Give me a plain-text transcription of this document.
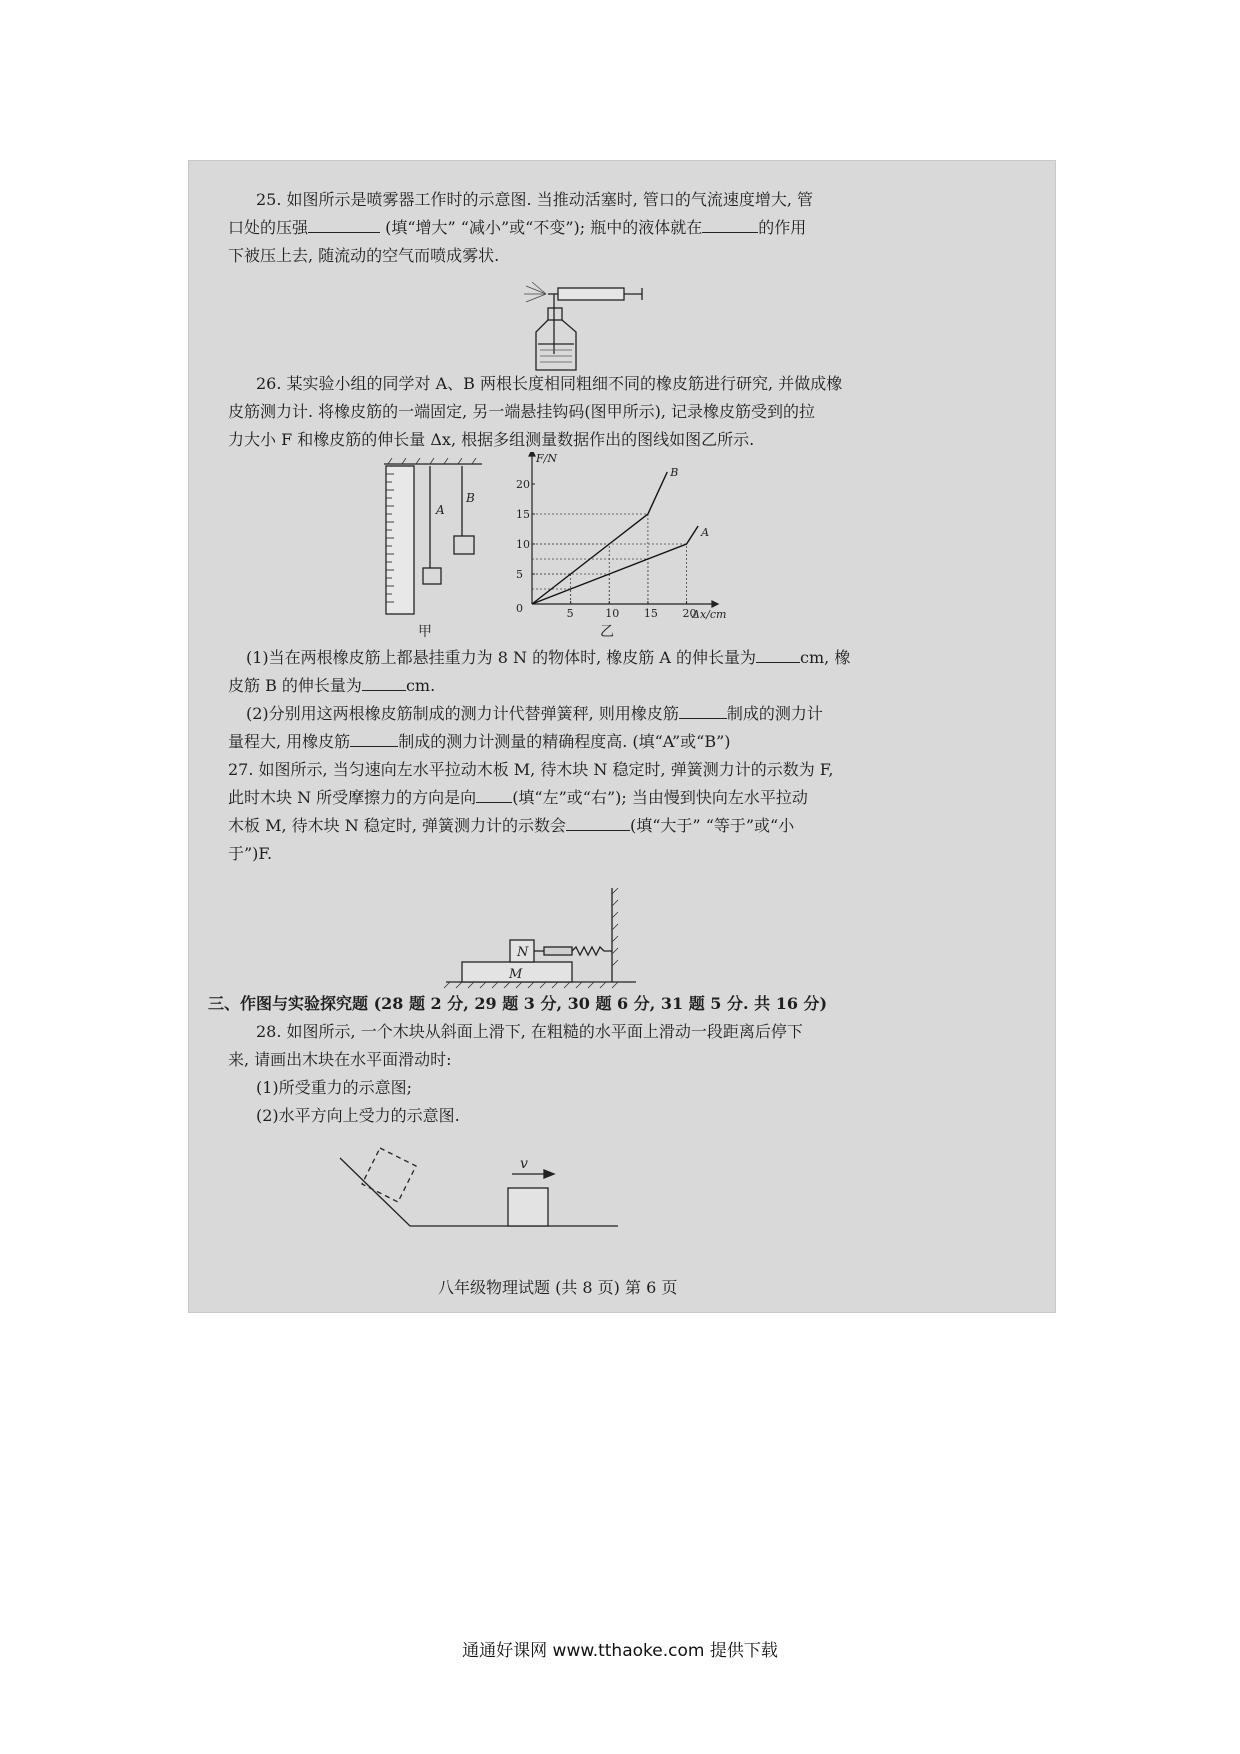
25. 如图所示是喷雾器工作时的示意图. 当推动活塞时, 管口的气流速度增大, 管
口处的压强	(填“增大” “减小”或“不变”); 瓶中的液体就在	的作用
下被压上去, 随流动的空气而喷成雾状.
26. 某实验小组的同学对 A、B 两根长度相同粗细不同的橡皮筋进行研究, 并做成橡
皮筋测力计. 将橡皮筋的一端固定, 另一端悬挂钩码(图甲所示), 记录橡皮筋受到的拉
力大小 F 和橡皮筋的伸长量 Δx, 根据多组测量数据作出的图线如图乙所示.
A
B
甲
A
B
5	10 15 20
5
10
15
20
F/N
Δx/cm
0
乙
(1)当在两根橡皮筋上都悬挂重力为 8 N 的物体时, 橡皮筋 A 的伸长量为	cm, 橡
皮筋 B 的伸长量为	cm.
(2)分别用这两根橡皮筋制成的测力计代替弹簧秤, 则用橡皮筋	制成的测力计
量程大, 用橡皮筋	制成的测力计测量的精确程度高. (填“A”或“B”)
27. 如图所示, 当匀速向左水平拉动木板 M, 待木块 N 稳定时, 弹簧测力计的示数为 F,
此时木块 N 所受摩擦力的方向是向 (填“左”或“右”); 当由慢到快向左水平拉动
木板 M, 待木块 N 稳定时, 弹簧测力计的示数会	(填“大于” “等于”或“小
于”)F.
N
M
三、作图与实验探究题 (28 题 2 分, 29 题 3 分, 30 题 6 分, 31 题 5 分. 共 16 分)
28. 如图所示, 一个木块从斜面上滑下, 在粗糙的水平面上滑动一段距离后停下
来, 请画出木块在水平面滑动时:
(1)所受重力的示意图;
(2)水平方向上受力的示意图.
v
八年级物理试题 (共 8 页) 第 6 页
通通好课网 www.tthaoke.com 提供下载
